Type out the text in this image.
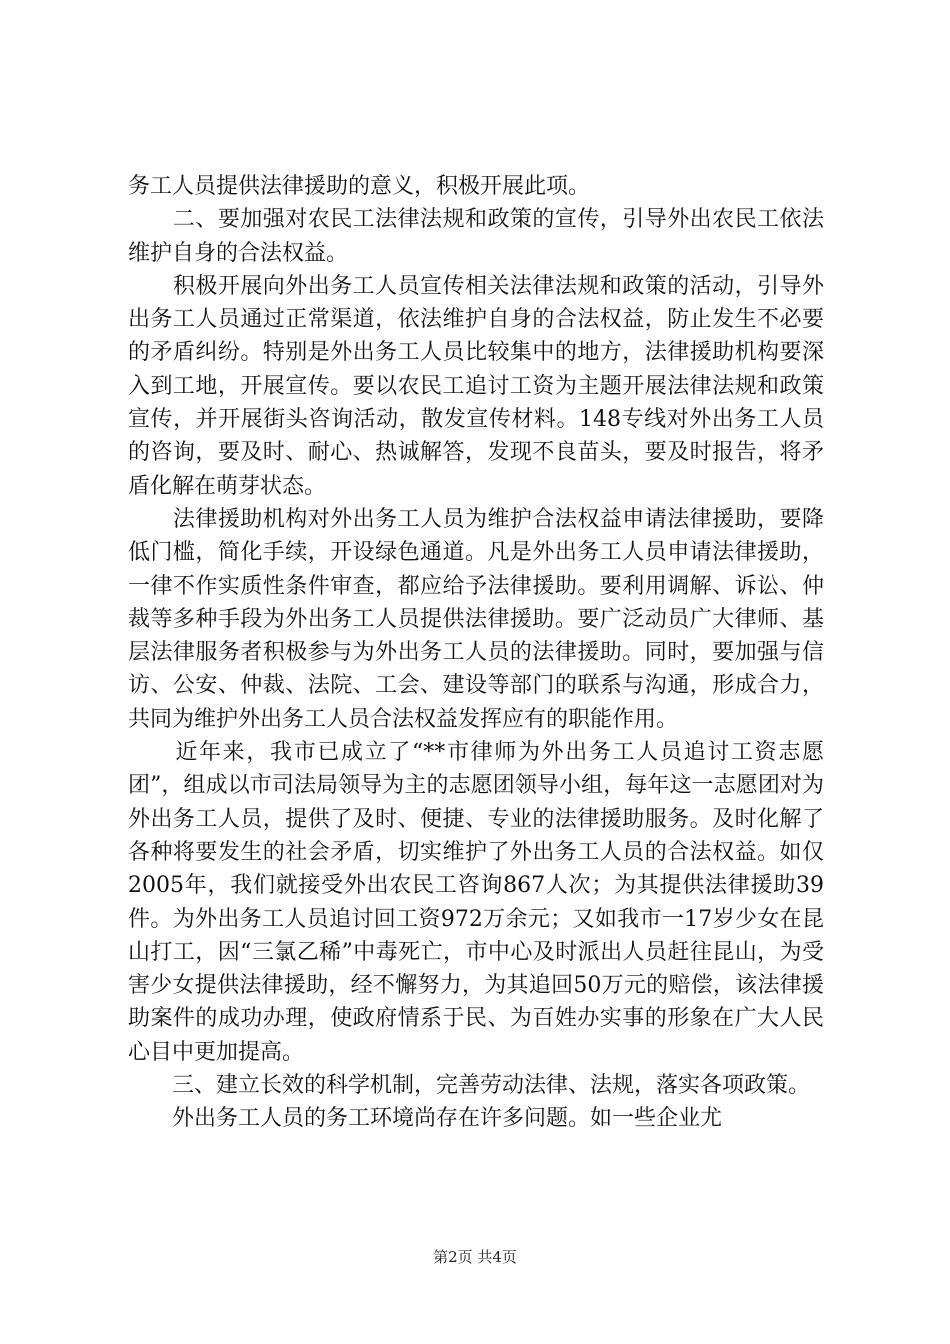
务工人员提供法律援助的意义，积极开展此项。

　　二、要加强对农民工法律法规和政策的宣传，引导外出农民工依法维护自身的合法权益。

　　积极开展向外出务工人员宣传相关法律法规和政策的活动，引导外出务工人员通过正常渠道，依法维护自身的合法权益，防止发生不必要的矛盾纠纷。特别是外出务工人员比较集中的地方，法律援助机构要深入到工地，开展宣传。要以农民工追讨工资为主题开展法律法规和政策宣传，并开展街头咨询活动，散发宣传材料。148专线对外出务工人员的咨询，要及时、耐心、热诚解答，发现不良苗头，要及时报告，将矛盾化解在萌芽状态。

　　法律援助机构对外出务工人员为维护合法权益申请法律援助，要降低门槛，简化手续，开设绿色通道。凡是外出务工人员申请法律援助，一律不作实质性条件审查，都应给予法律援助。要利用调解、诉讼、仲裁等多种手段为外出务工人员提供法律援助。要广泛动员广大律师、基层法律服务者积极参与为外出务工人员的法律援助。同时，要加强与信访、公安、仲裁、法院、工会、建设等部门的联系与沟通，形成合力，共同为维护外出务工人员合法权益发挥应有的职能作用。

　　近年来，我市已成立了“**市律师为外出务工人员追讨工资志愿团”，组成以市司法局领导为主的志愿团领导小组，每年这一志愿团对为外出务工人员，提供了及时、便捷、专业的法律援助服务。及时化解了各种将要发生的社会矛盾，切实维护了外出务工人员的合法权益。如仅2005年，我们就接受外出农民工咨询867人次；为其提供法律援助39件。为外出务工人员追讨回工资972万余元；又如我市一17岁少女在昆山打工，因“三氯乙稀”中毒死亡，市中心及时派出人员赶往昆山，为受害少女提供法律援助，经不懈努力，为其追回50万元的赔偿，该法律援助案件的成功办理，使政府情系于民、为百姓办实事的形象在广大人民心目中更加提高。

　　三、建立长效的科学机制，完善劳动法律、法规，落实各项政策。

　　外出务工人员的务工环境尚存在许多问题。如一些企业尤

第2页 共4页
